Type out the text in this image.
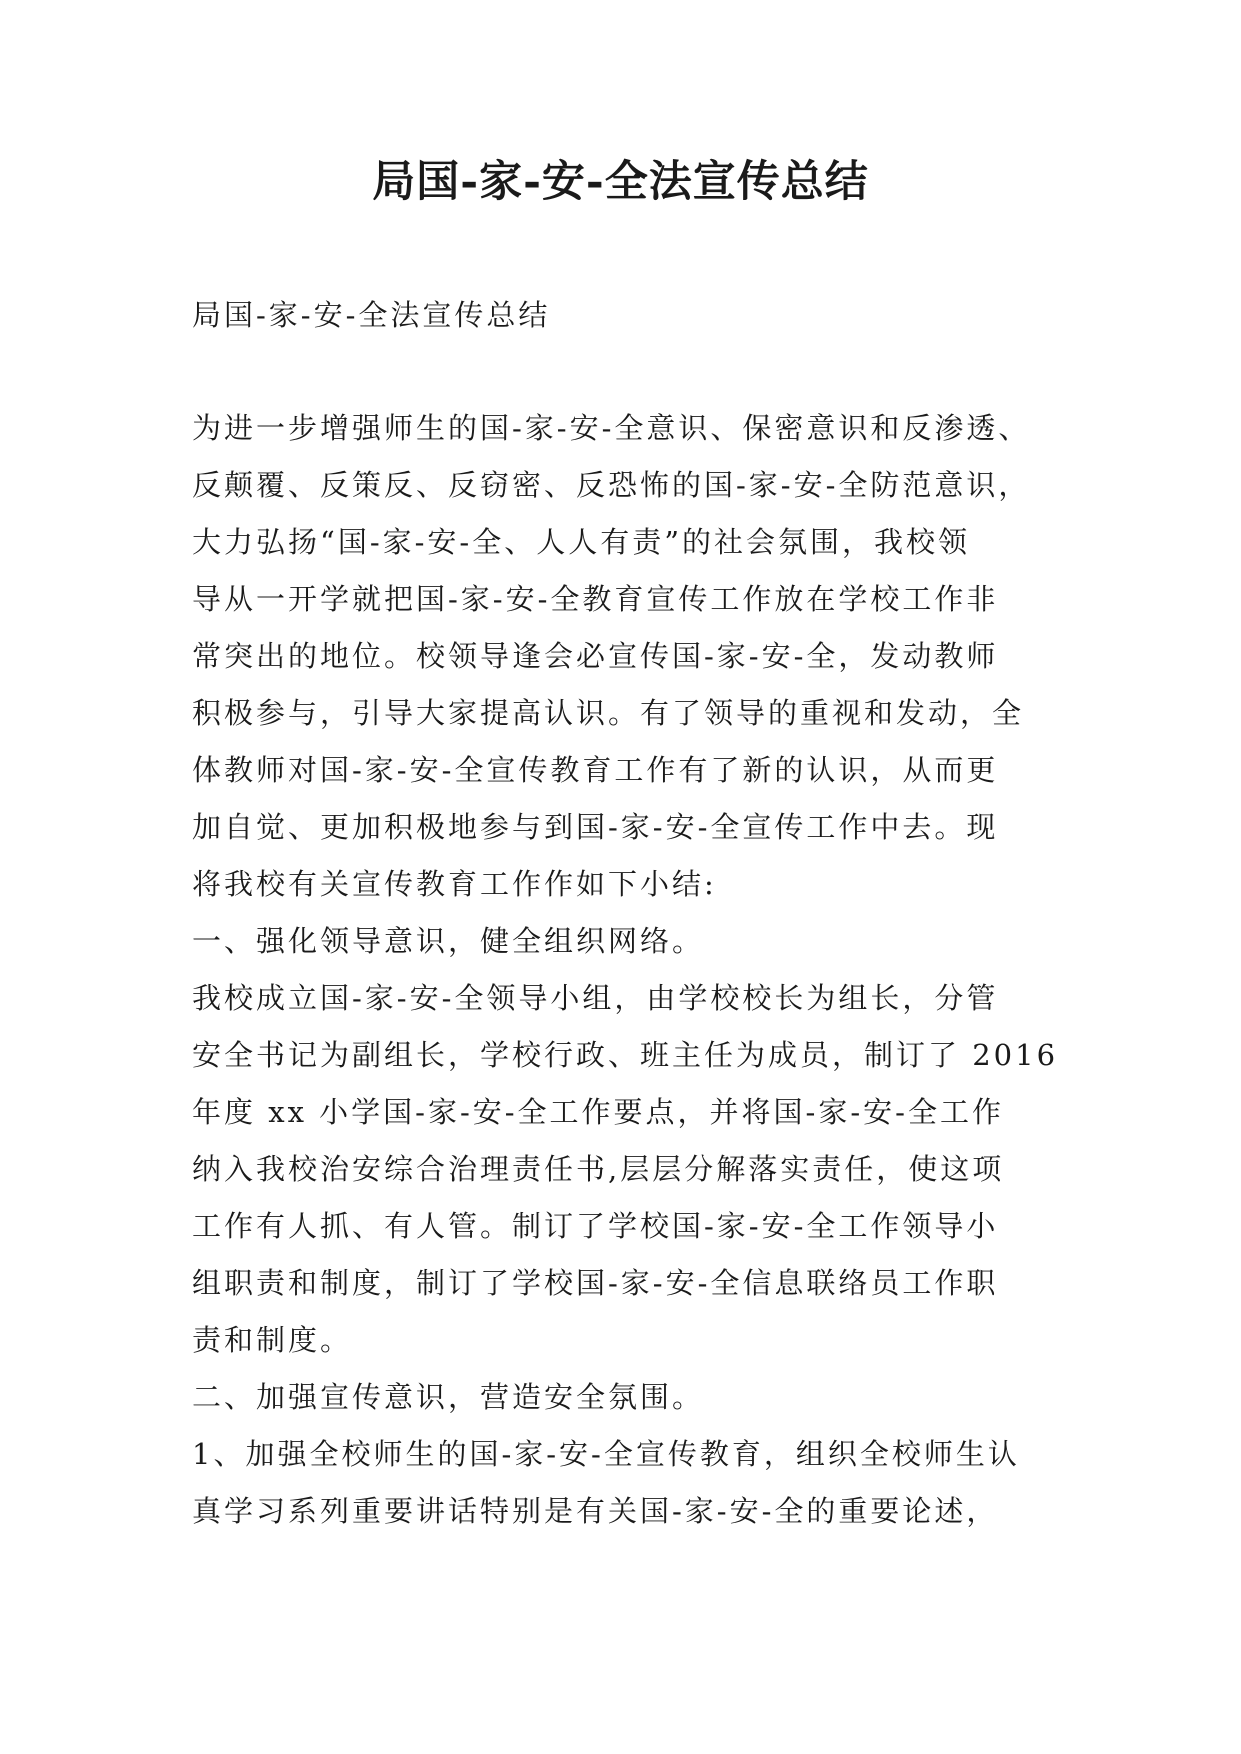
局国-家-安-全法宣传总结

局国-家-安-全法宣传总结

为进一步增强师生的国-家-安-全意识、保密意识和反渗透、

反颠覆、反策反、反窃密、反恐怖的国-家-安-全防范意识，

大力弘扬“国-家-安-全、人人有责”的社会氛围，我校领

导从一开学就把国-家-安-全教育宣传工作放在学校工作非

常突出的地位。校领导逢会必宣传国-家-安-全，发动教师

积极参与，引导大家提高认识。有了领导的重视和发动，全

体教师对国-家-安-全宣传教育工作有了新的认识，从而更

加自觉、更加积极地参与到国-家-安-全宣传工作中去。现

将我校有关宣传教育工作作如下小结:

一、强化领导意识，健全组织网络。

我校成立国-家-安-全领导小组，由学校校长为组长，分管

安全书记为副组长，学校行政、班主任为成员，制订了 2016

年度 xx 小学国-家-安-全工作要点，并将国-家-安-全工作

纳入我校治安综合治理责任书,层层分解落实责任，使这项

工作有人抓、有人管。制订了学校国-家-安-全工作领导小

组职责和制度，制订了学校国-家-安-全信息联络员工作职

责和制度。

二、加强宣传意识，营造安全氛围。

1、加强全校师生的国-家-安-全宣传教育，组织全校师生认

真学习系列重要讲话特别是有关国-家-安-全的重要论述，
